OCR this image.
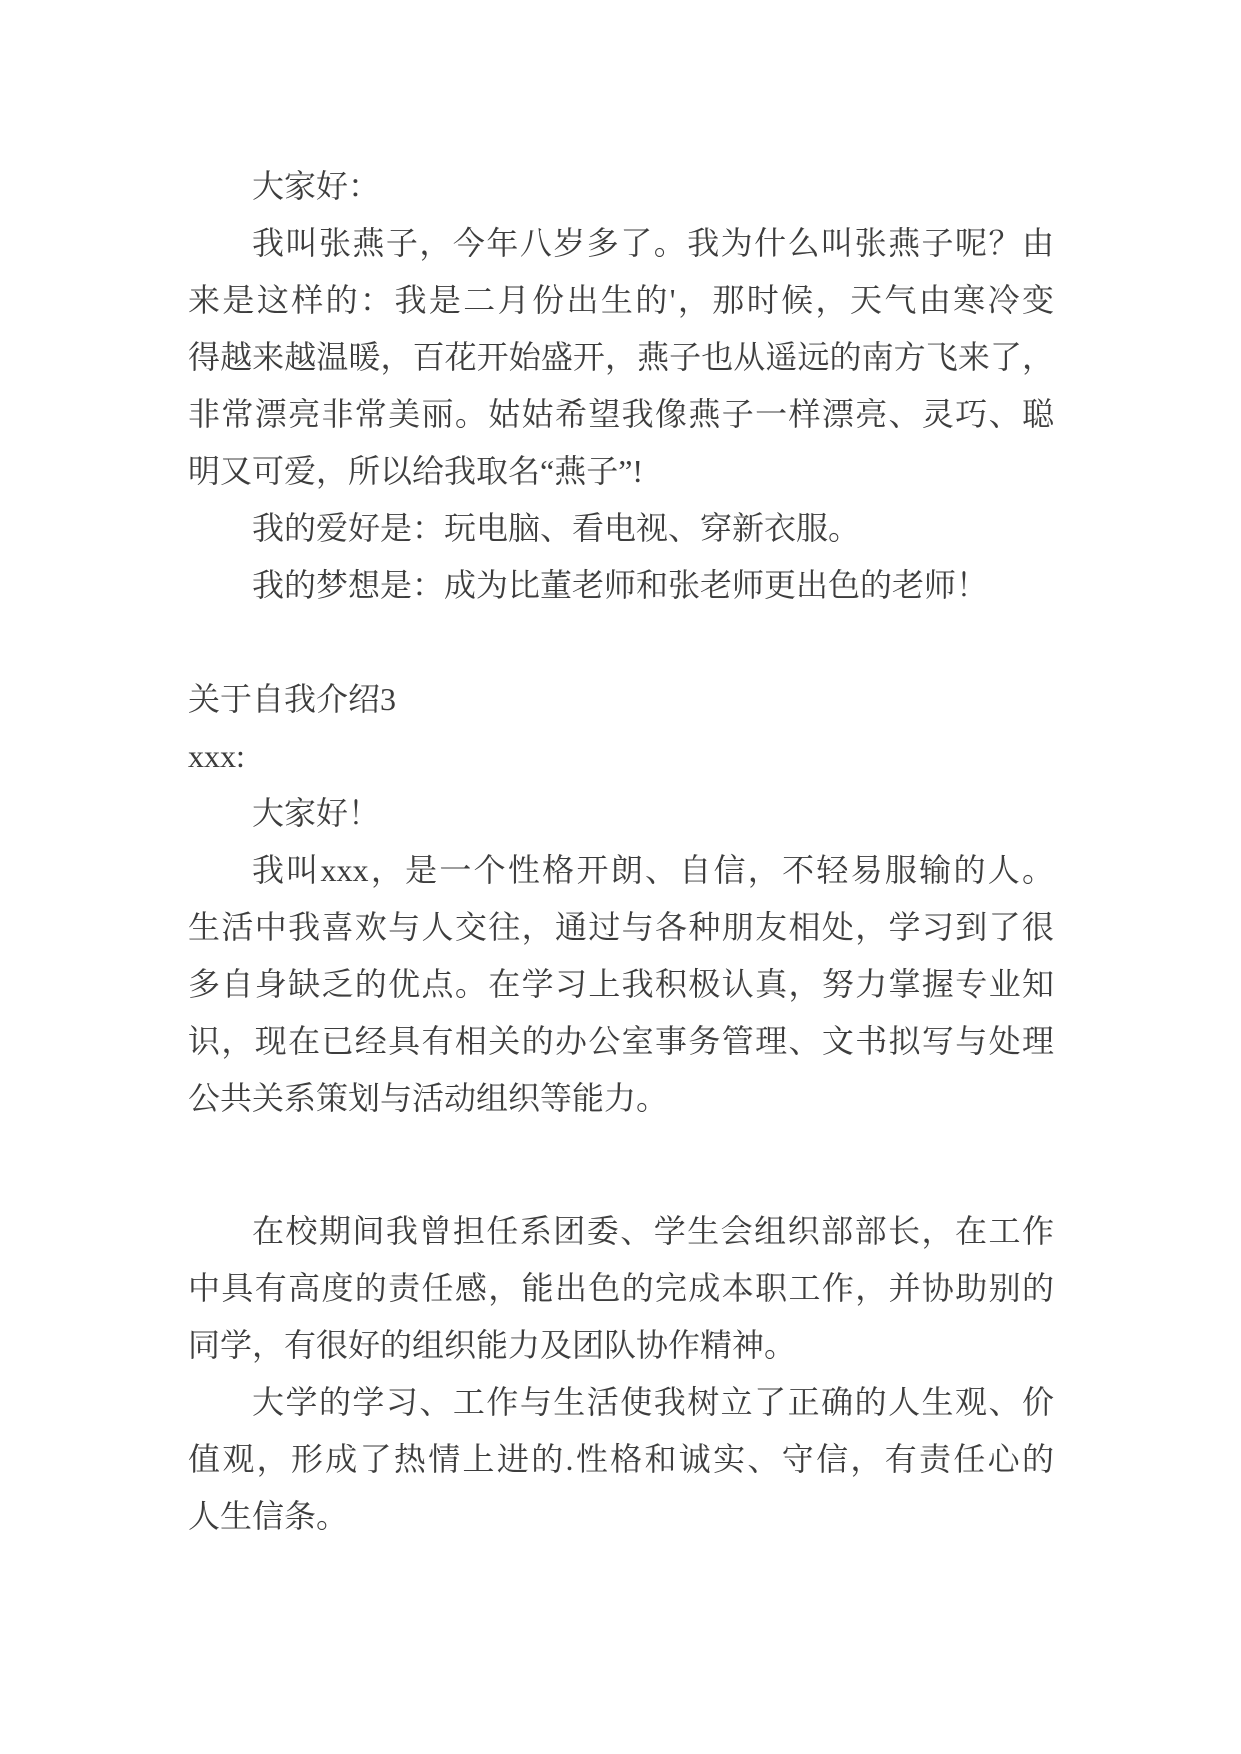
大家好：
我叫张燕子，今年八岁多了。我为什么叫张燕子呢？由
来是这样的：我是二月份出生的'，那时候，天气由寒冷变
得越来越温暖，百花开始盛开，燕子也从遥远的南方飞来了，
非常漂亮非常美丽。姑姑希望我像燕子一样漂亮、灵巧、聪
明又可爱，所以给我取名“燕子”!
我的爱好是：玩电脑、看电视、穿新衣服。
我的梦想是：成为比董老师和张老师更出色的老师！
关于自我介绍3
xxx:
大家好！
我叫xxx，是一个性格开朗、自信，不轻易服输的人。
生活中我喜欢与人交往，通过与各种朋友相处，学习到了很
多自身缺乏的优点。在学习上我积极认真，努力掌握专业知
识，现在已经具有相关的办公室事务管理、文书拟写与处理
公共关系策划与活动组织等能力。
在校期间我曾担任系团委、学生会组织部部长，在工作
中具有高度的责任感，能出色的完成本职工作，并协助别的
同学，有很好的组织能力及团队协作精神。
大学的学习、工作与生活使我树立了正确的人生观、价
值观，形成了热情上进的.性格和诚实、守信，有责任心的
人生信条。
